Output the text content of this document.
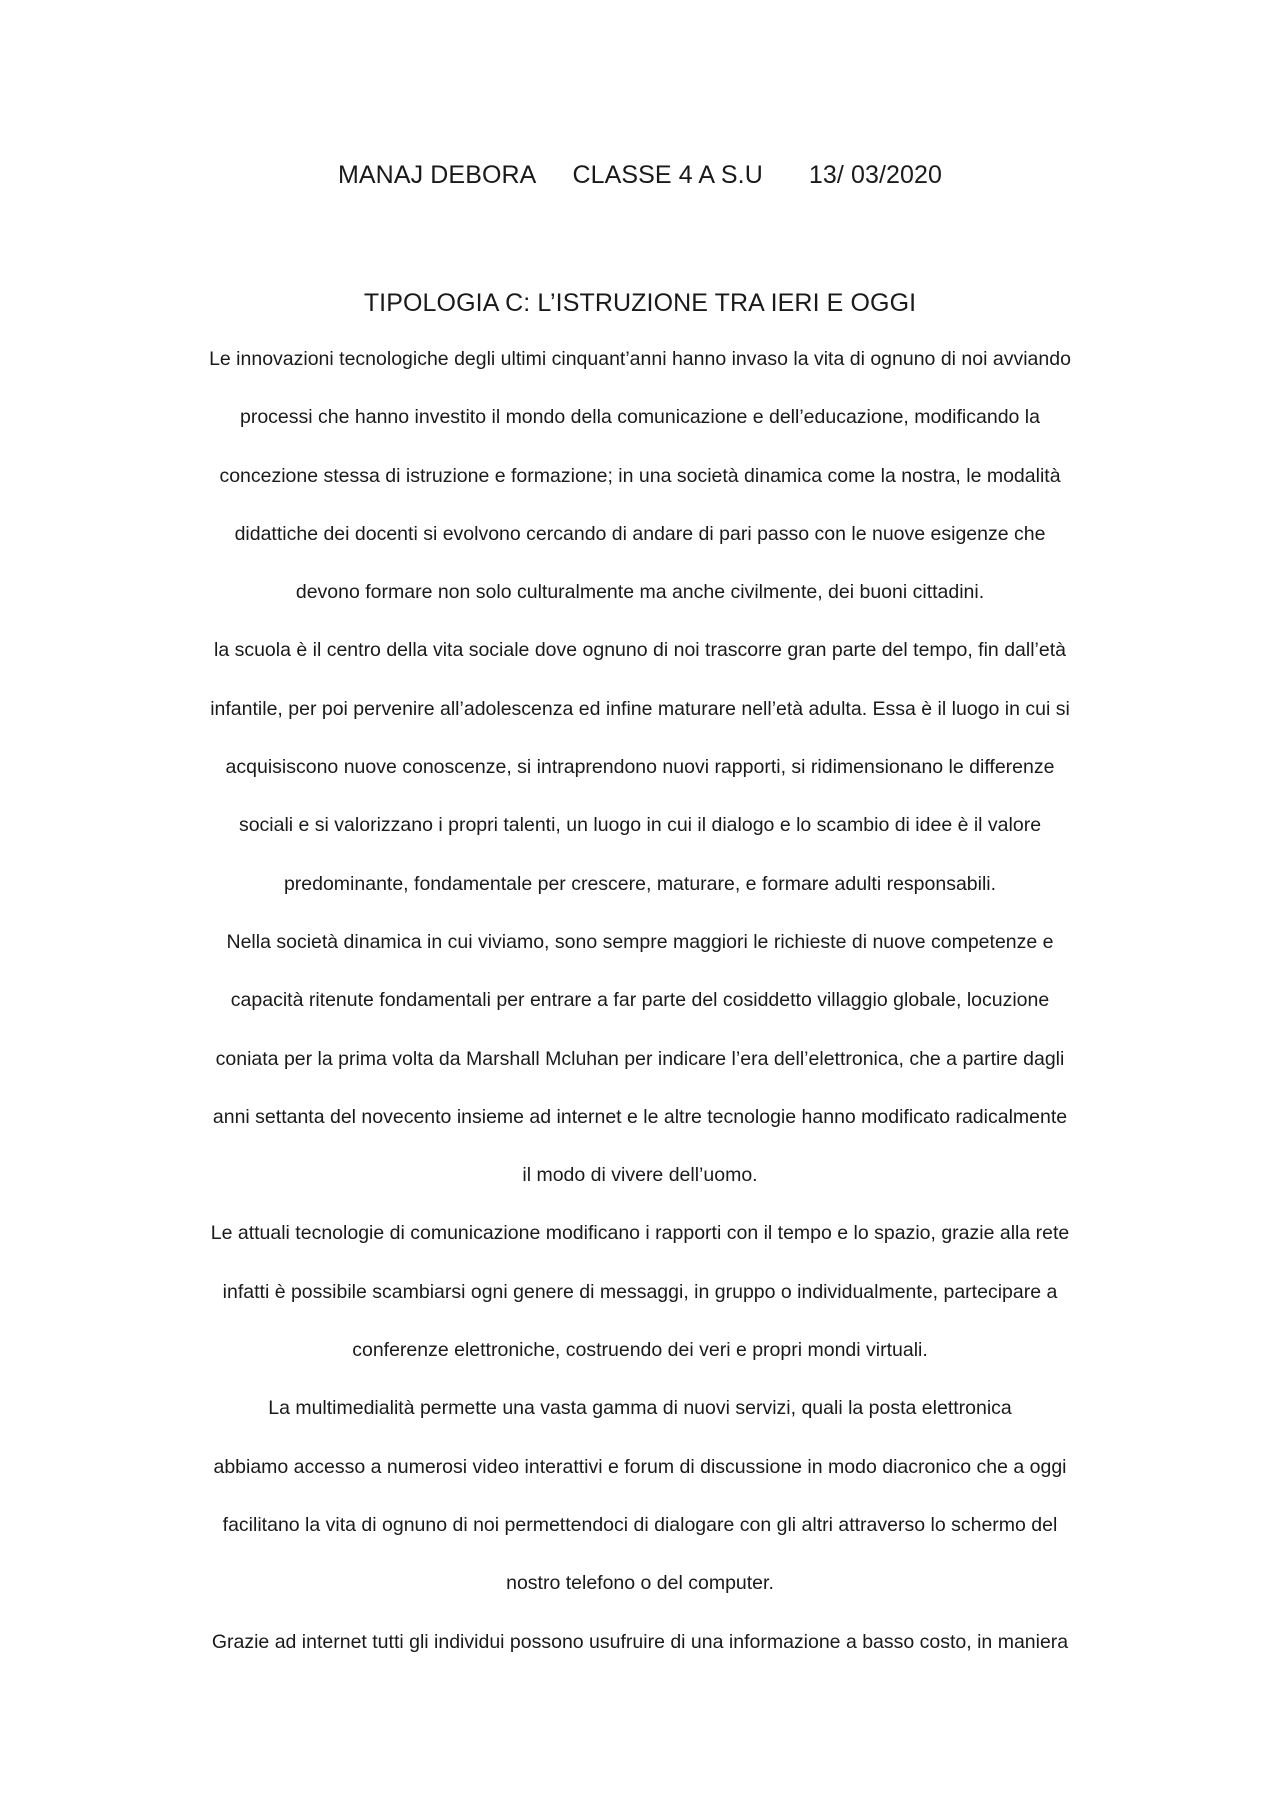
MANAJ DEBORA CLASSE 4 A S.U 13/ 03/2020
TIPOLOGIA C: L’ISTRUZIONE TRA IERI E OGGI
Le innovazioni tecnologiche degli ultimi cinquant’anni hanno invaso la vita di ognuno di noi avviando
processi che hanno investito il mondo della comunicazione e dell’educazione, modificando la
concezione stessa di istruzione e formazione; in una società dinamica come la nostra, le modalità
didattiche dei docenti si evolvono cercando di andare di pari passo con le nuove esigenze che
devono formare non solo culturalmente ma anche civilmente, dei buoni cittadini.
la scuola è il centro della vita sociale dove ognuno di noi trascorre gran parte del tempo, fin dall’età
infantile, per poi pervenire all’adolescenza ed infine maturare nell’età adulta. Essa è il luogo in cui si
acquisiscono nuove conoscenze, si intraprendono nuovi rapporti, si ridimensionano le differenze
sociali e si valorizzano i propri talenti, un luogo in cui il dialogo e lo scambio di idee è il valore
predominante, fondamentale per crescere, maturare, e formare adulti responsabili.
Nella società dinamica in cui viviamo, sono sempre maggiori le richieste di nuove competenze e
capacità ritenute fondamentali per entrare a far parte del cosiddetto villaggio globale, locuzione
coniata per la prima volta da Marshall Mcluhan per indicare l’era dell’elettronica, che a partire dagli
anni settanta del novecento insieme ad internet e le altre tecnologie hanno modificato radicalmente
il modo di vivere dell’uomo.
Le attuali tecnologie di comunicazione modificano i rapporti con il tempo e lo spazio, grazie alla rete
infatti è possibile scambiarsi ogni genere di messaggi, in gruppo o individualmente, partecipare a
conferenze elettroniche, costruendo dei veri e propri mondi virtuali.
La multimedialità permette una vasta gamma di nuovi servizi, quali la posta elettronica
abbiamo accesso a numerosi video interattivi e forum di discussione in modo diacronico che a oggi
facilitano la vita di ognuno di noi permettendoci di dialogare con gli altri attraverso lo schermo del
nostro telefono o del computer.
Grazie ad internet tutti gli individui possono usufruire di una informazione a basso costo, in maniera
